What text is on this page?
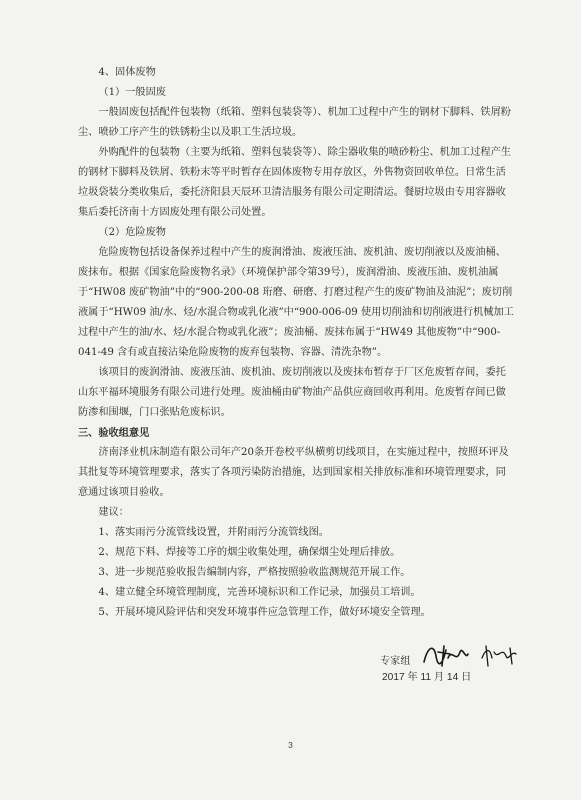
4、固体废物

（1）一般固废

一般固废包括配件包装物（纸箱、塑料包装袋等）、机加工过程中产生的钢材下脚料、铁屑粉尘、喷砂工序产生的铁锈粉尘以及职工生活垃圾。

外购配件的包装物（主要为纸箱、塑料包装袋等）、除尘器收集的喷砂粉尘、机加工过程产生的钢材下脚料及铁屑、铁粉末等平时暂存在固体废物专用存放区，外售物资回收单位。日常生活垃圾袋装分类收集后，委托济阳县天辰环卫清洁服务有限公司定期清运。餐厨垃圾由专用容器收集后委托济南十方固废处理有限公司处置。

（2）危险废物

危险废物包括设备保养过程中产生的废润滑油、废液压油、废机油、废切削液以及废油桶、废抹布。根据《国家危险废物名录》（环境保护部令第39号），废润滑油、废液压油、废机油属于“HW08 废矿物油”中的“900-200-08 珩磨、研磨、打磨过程产生的废矿物油及油泥”；废切削液属于“HW09 油/水、烃/水混合物或乳化液”中“900-006-09 使用切削油和切削液进行机械加工过程中产生的油/水、烃/水混合物或乳化液”；废油桶、废抹布属于“HW49 其他废物”中“900-041-49 含有或直接沾染危险废物的废弃包装物、容器、清洗杂物”。

该项目的废润滑油、废液压油、废机油、废切削液以及废抹布暂存于厂区危废暂存间，委托山东平福环境服务有限公司进行处理。废油桶由矿物油产品供应商回收再利用。危废暂存间已做防渗和围堰，门口张贴危废标识。

三、验收组意见

济南泽业机床制造有限公司年产20条开卷校平纵横剪切线项目，在实施过程中，按照环评及其批复等环境管理要求，落实了各项污染防治措施，达到国家相关排放标准和环境管理要求，同意通过该项目验收。

建议：

1、落实雨污分流管线设置，并附雨污分流管线图。

2、规范下料、焊接等工序的烟尘收集处理，确保烟尘处理后排放。

3、进一步规范验收报告编制内容，严格按照验收监测规范开展工作。

4、建立健全环境管理制度，完善环境标识和工作记录，加强员工培训。

5、开展环境风险评估和突发环境事件应急管理工作，做好环境安全管理。

专家组
2017 年 11 月 14 日
3
